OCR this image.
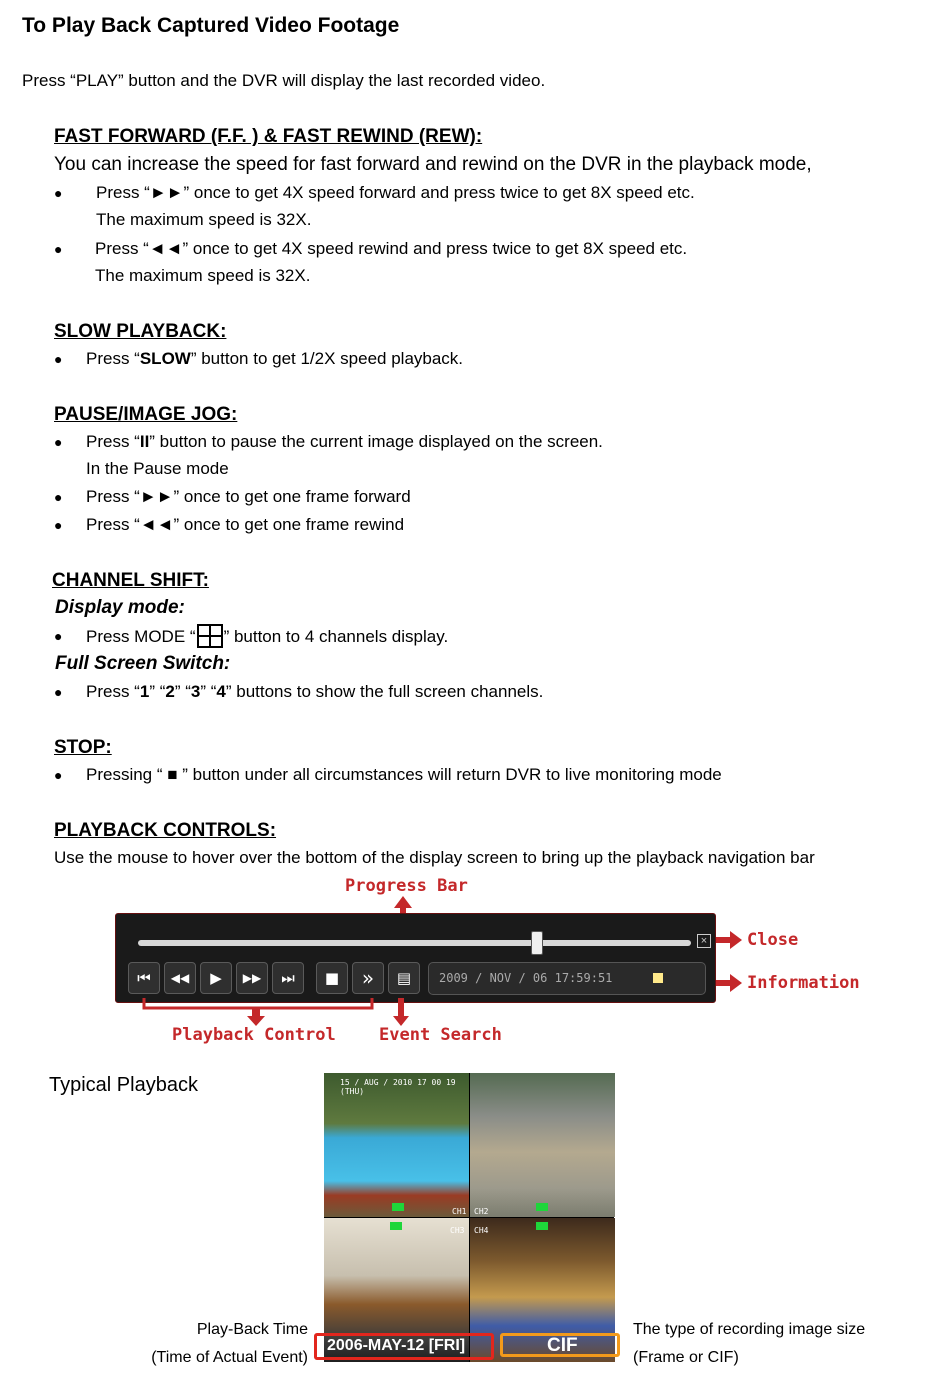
To Play Back Captured Video Footage
Press “PLAY” button and the DVR will display the last recorded video.
FAST FORWARD (F.F. ) & FAST REWIND (REW):
You can increase the speed for fast forward and rewind on the DVR in the playback mode,
● Press “►►” once to get 4X speed forward and press twice to get 8X speed etc.
The maximum speed is 32X.
● Press “◄◄” once to get 4X speed rewind and press twice to get 8X speed etc.
The maximum speed is 32X.
SLOW PLAYBACK:
● Press “SLOW” button to get 1/2X speed playback.
PAUSE/IMAGE JOG:
● Press “II” button to pause the current image displayed on the screen.
In the Pause mode
● Press “►►” once to get one frame forward
● Press “◄◄” once to get one frame rewind
CHANNEL SHIFT:
Display mode:
● Press MODE “ ” button to 4 channels display.
Full Screen Switch:
● Press “1” “2” “3” “4” buttons to show the full screen channels.
STOP:
● Pressing “ ■ ” button under all circumstances will return DVR to live monitoring mode
PLAYBACK CONTROLS:
Use the mouse to hover over the bottom of the display screen to bring up the playback navigation bar
Progress Bar
×
⏮	◀◀	▶	▶▶	⏭	■	»	▤	2009 / NOV / 06 17:59:51
Close
Information
Playback Control	Event Search
Typical Playback	15 / AUG / 2010 17 00 19 (THU)
CH1 CH2
CH3 CH4
2006-MAY-12 [FRI]	CIF
Play-Back Time
(Time of Actual Event)
The type of recording image size
(Frame or CIF)
